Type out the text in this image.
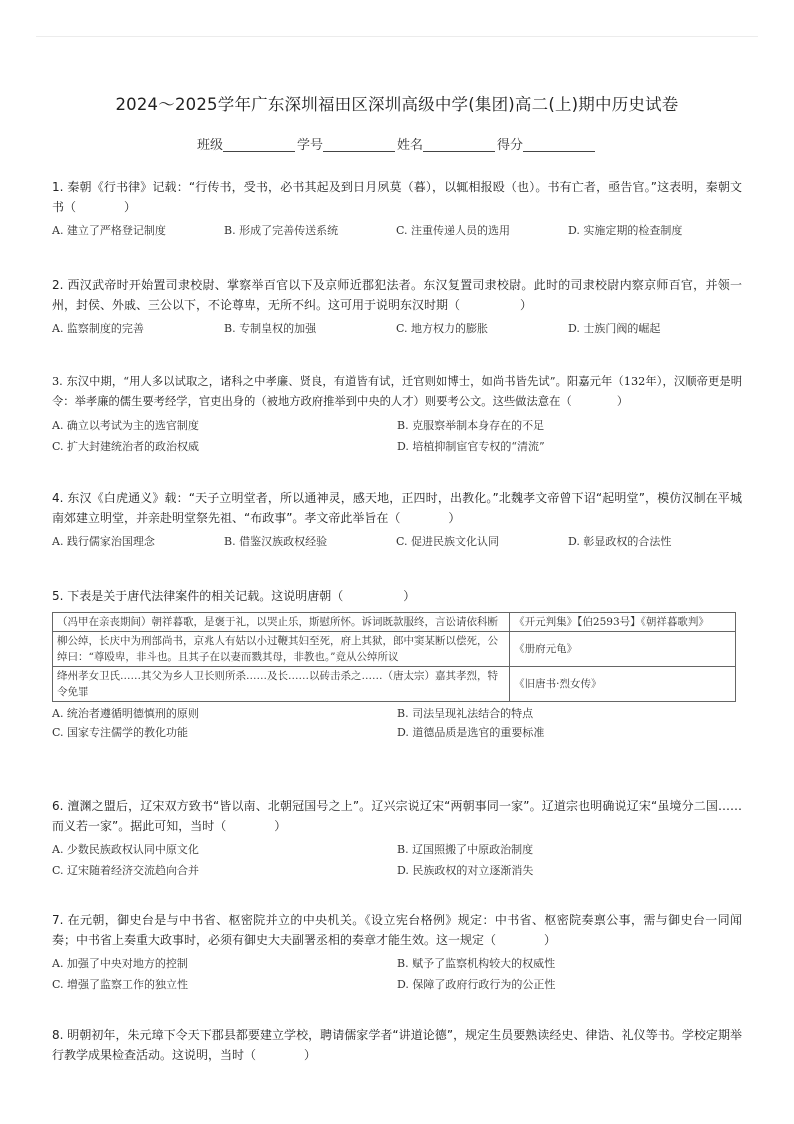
2024～2025学年广东深圳福田区深圳高级中学(集团)高二(上)期中历史试卷
班级	学号	姓名	得分
1. 秦朝《行书律》记载：“行传书，受书，必书其起及到日月夙莫（暮），以辄相报殴（也）。书有亡者，亟告官。”这表明，秦朝文书（　　　　）
A. 建立了严格登记制度	B. 形成了完善传送系统	C. 注重传递人员的选用	D. 实施定期的检查制度
2. 西汉武帝时开始置司隶校尉、掌察举百官以下及京师近郡犯法者。东汉复置司隶校尉。此时的司隶校尉内察京师百官，并领一州，封侯、外戚、三公以下，不论尊卑，无所不纠。这可用于说明东汉时期（　　　　　）
A. 监察制度的完善	B. 专制皇权的加强	C. 地方权力的膨胀	D. 士族门阀的崛起
3. 东汉中期，“用人多以试取之，诸科之中孝廉、贤良，有道皆有试，迁官则如博士，如尚书皆先试”。阳嘉元年（132年），汉顺帝更是明令：举孝廉的儒生要考经学，官吏出身的（被地方政府推举到中央的人才）则要考公文。这些做法意在（　　　　）
A. 确立以考试为主的选官制度	B. 克服察举制本身存在的不足
C. 扩大封建统治者的政治权威	D. 培植抑制宦官专权的“清流”
4. 东汉《白虎通义》载：“天子立明堂者，所以通神灵，感天地，正四时，出教化。”北魏孝文帝曾下诏“起明堂”，模仿汉制在平城南郊建立明堂，并亲赴明堂祭先祖、“布政事”。孝文帝此举旨在（　　　　）
A. 践行儒家治国理念	B. 借鉴汉族政权经验	C. 促进民族文化认同	D. 彰显政权的合法性
5. 下表是关于唐代法律案件的相关记载。这说明唐朝（　　　　　）
（冯甲在亲丧期间）朝祥暮歌，是褒于礼，以哭止乐，斯慰所怀。诉词既款服终，言讼请依科断	《开元判集》【伯2593号】《朝祥暮歌判》
柳公绰，长庆中为刑部尚书，京兆人有姑以小过鞭其妇至死，府上其狱，郎中窦某断以偿死，公绰曰：“尊殴卑，非斗也。且其子在以妻而戮其母，非教也。”竟从公绰所议	《册府元龟》
绛州孝女卫氏……其父为乡人卫长则所杀……及长……以砖击杀之……（唐太宗）嘉其孝烈，特令免罪	《旧唐书·烈女传》
A. 统治者遵循明德慎刑的原则	B. 司法呈现礼法结合的特点
C. 国家专注儒学的教化功能	D. 道德品质是选官的重要标准
6. 澶渊之盟后，辽宋双方致书“皆以南、北朝冠国号之上”。辽兴宗说辽宋“两朝事同一家”。辽道宗也明确说辽宋“虽境分二国……而义若一家”。据此可知，当时（　　　　）
A. 少数民族政权认同中原文化	B. 辽国照搬了中原政治制度
C. 辽宋随着经济交流趋向合并	D. 民族政权的对立逐渐消失
7. 在元朝，御史台是与中书省、枢密院并立的中央机关。《设立宪台格例》规定：中书省、枢密院奏禀公事，需与御史台一同闻奏；中书省上奏重大政事时，必须有御史大夫副署丞相的奏章才能生效。这一规定（　　　　）
A. 加强了中央对地方的控制	B. 赋予了监察机构较大的权威性
C. 增强了监察工作的独立性	D. 保障了政府行政行为的公正性
8. 明朝初年，朱元璋下令天下郡县都要建立学校，聘请儒家学者“讲道论德”，规定生员要熟读经史、律诰、礼仪等书。学校定期举行教学成果检查活动。这说明，当时（　　　　）
